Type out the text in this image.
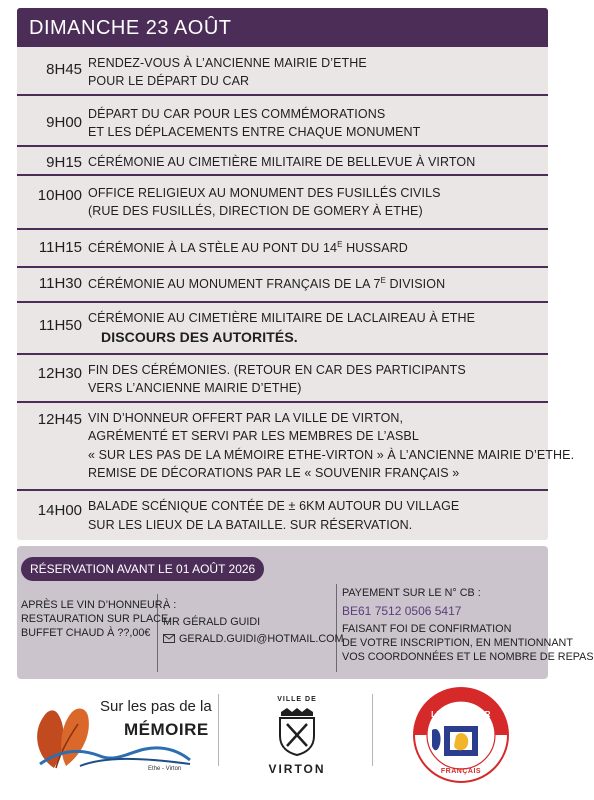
DIMANCHE 23 AOÛT
8H45 RENDEZ-VOUS À L’ANCIENNE MAIRIE D’ETHE
POUR LE DÉPART DU CAR
9H00 DÉPART DU CAR POUR LES COMMÉMORATIONS
ET LES DÉPLACEMENTS ENTRE CHAQUE MONUMENT
9H15 CÉRÉMONIE AU CIMETIÈRE MILITAIRE DE BELLEVUE À VIRTON
10H00 OFFICE RELIGIEUX AU MONUMENT DES FUSILLÉS CIVILS
(RUE DES FUSILLÉS, DIRECTION DE GOMERY À ETHE)
11H15 CÉRÉMONIE À LA STÈLE AU PONT DU $14^E$ HUSSARD
11H30 CÉRÉMONIE AU MONUMENT FRANÇAIS DE LA $7^E$ DIVISION
11H50 CÉRÉMONIE AU CIMETIÈRE MILITAIRE DE LACLAIREAU À ETHE
DISCOURS DES AUTORITÉS.
12H30 FIN DES CÉRÉMONIES. (RETOUR EN CAR DES PARTICIPANTS
VERS L’ANCIENNE MAIRIE D’ETHE)
12H45 VIN D’HONNEUR OFFERT PAR LA VILLE DE VIRTON,
AGRÉMENTÉ ET SERVI PAR LES MEMBRES DE L’ASBL
« SUR LES PAS DE LA MÉMOIRE ETHE-VIRTON » À L’ANCIENNE MAIRIE D’ETHE.
REMISE DE DÉCORATIONS PAR LE « SOUVENIR FRANÇAIS »
14H00 BALADE SCÉNIQUE CONTÉE DE ± 6KM AUTOUR DU VILLAGE
SUR LES LIEUX DE LA BATAILLE. SUR RÉSERVATION.
RÉSERVATION AVANT LE 01 AOÛT 2026
APRÈS LE VIN D’HONNEUR,
RESTAURATION SUR PLACE.
BUFFET CHAUD À ??,00€
À :
MR GÉRALD GUIDI
GERALD.GUIDI@HOTMAIL.COM
PAYEMENT SUR LE N° CB :
BE61 7512 0506 5417
FAISANT FOI DE CONFIRMATION
DE VOTRE INSCRIPTION, EN MENTIONNANT
VOS COORDONNÉES ET LE NOMBRE DE REPAS
Sur les pas de la
MÉMOIRE
Ethe - Virton
VILLE DE
VIRTON
LE SOUVENIR
FRANÇAIS
